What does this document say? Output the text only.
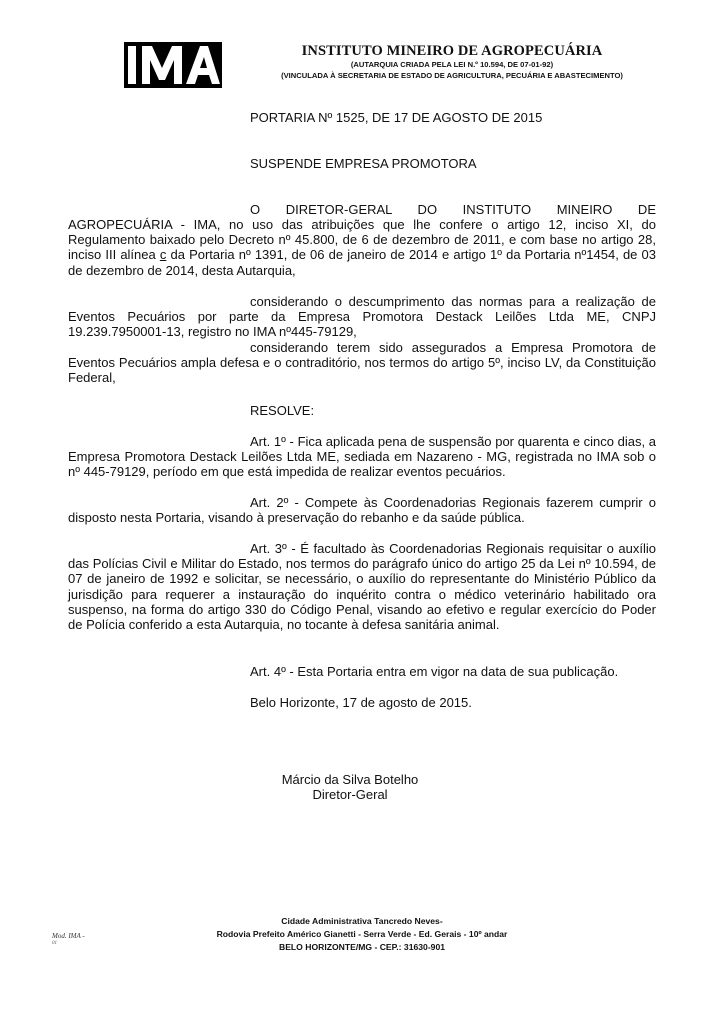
INSTITUTO MINEIRO DE AGROPECUÁRIA
(AUTARQUIA CRIADA PELA LEI N.º 10.594, DE 07-01-92)
(VINCULADA À SECRETARIA DE ESTADO DE AGRICULTURA, PECUÁRIA E ABASTECIMENTO)
PORTARIA Nº 1525, DE 17 DE AGOSTO DE 2015
SUSPENDE EMPRESA PROMOTORA
O DIRETOR-GERAL DO INSTITUTO MINEIRO DE
AGROPECUÁRIA - IMA, no uso das atribuições que lhe confere o artigo 12, inciso XI, do Regulamento baixado pelo Decreto nº 45.800, de 6 de dezembro de 2011, e com base no artigo 28, inciso III alínea c da Portaria nº 1391, de 06 de janeiro de 2014 e artigo 1º da Portaria nº1454, de 03 de dezembro de 2014, desta Autarquia,
considerando o descumprimento das normas para a realização de Eventos Pecuários por parte da Empresa Promotora Destack Leilões Ltda ME, CNPJ 19.239.7950001-13, registro no IMA nº445-79129,
considerando terem sido assegurados a Empresa Promotora de Eventos Pecuários ampla defesa e o contraditório, nos termos do artigo 5º, inciso LV, da Constituição Federal,
RESOLVE:
Art. 1º - Fica aplicada pena de suspensão por quarenta e cinco dias, a Empresa Promotora Destack Leilões Ltda ME, sediada em Nazareno - MG, registrada no IMA sob o nº 445-79129, período em que está impedida de realizar eventos pecuários.
Art. 2º - Compete às Coordenadorias Regionais fazerem cumprir o disposto nesta Portaria, visando à preservação do rebanho e da saúde pública.
Art. 3º - É facultado às Coordenadorias Regionais requisitar o auxílio das Polícias Civil e Militar do Estado, nos termos do parágrafo único do artigo 25 da Lei nº 10.594, de 07 de janeiro de 1992 e solicitar, se necessário, o auxílio do representante do Ministério Público da jurisdição para requerer a instauração do inquérito contra o médico veterinário habilitado ora suspenso, na forma do artigo 330 do Código Penal, visando ao efetivo e regular exercício do Poder de Polícia conferido a esta Autarquia, no tocante à defesa sanitária animal.
Art. 4º - Esta Portaria entra em vigor na data de sua publicação.
Belo Horizonte, 17 de agosto de 2015.
Márcio da Silva Botelho
Diretor-Geral
Cidade Administrativa Tancredo Neves-
Rodovia Prefeito Américo Gianetti - Serra Verde - Ed. Gerais - 10º andar
BELO HORIZONTE/MG - CEP.: 31630-901
Mod. IMA -
01
